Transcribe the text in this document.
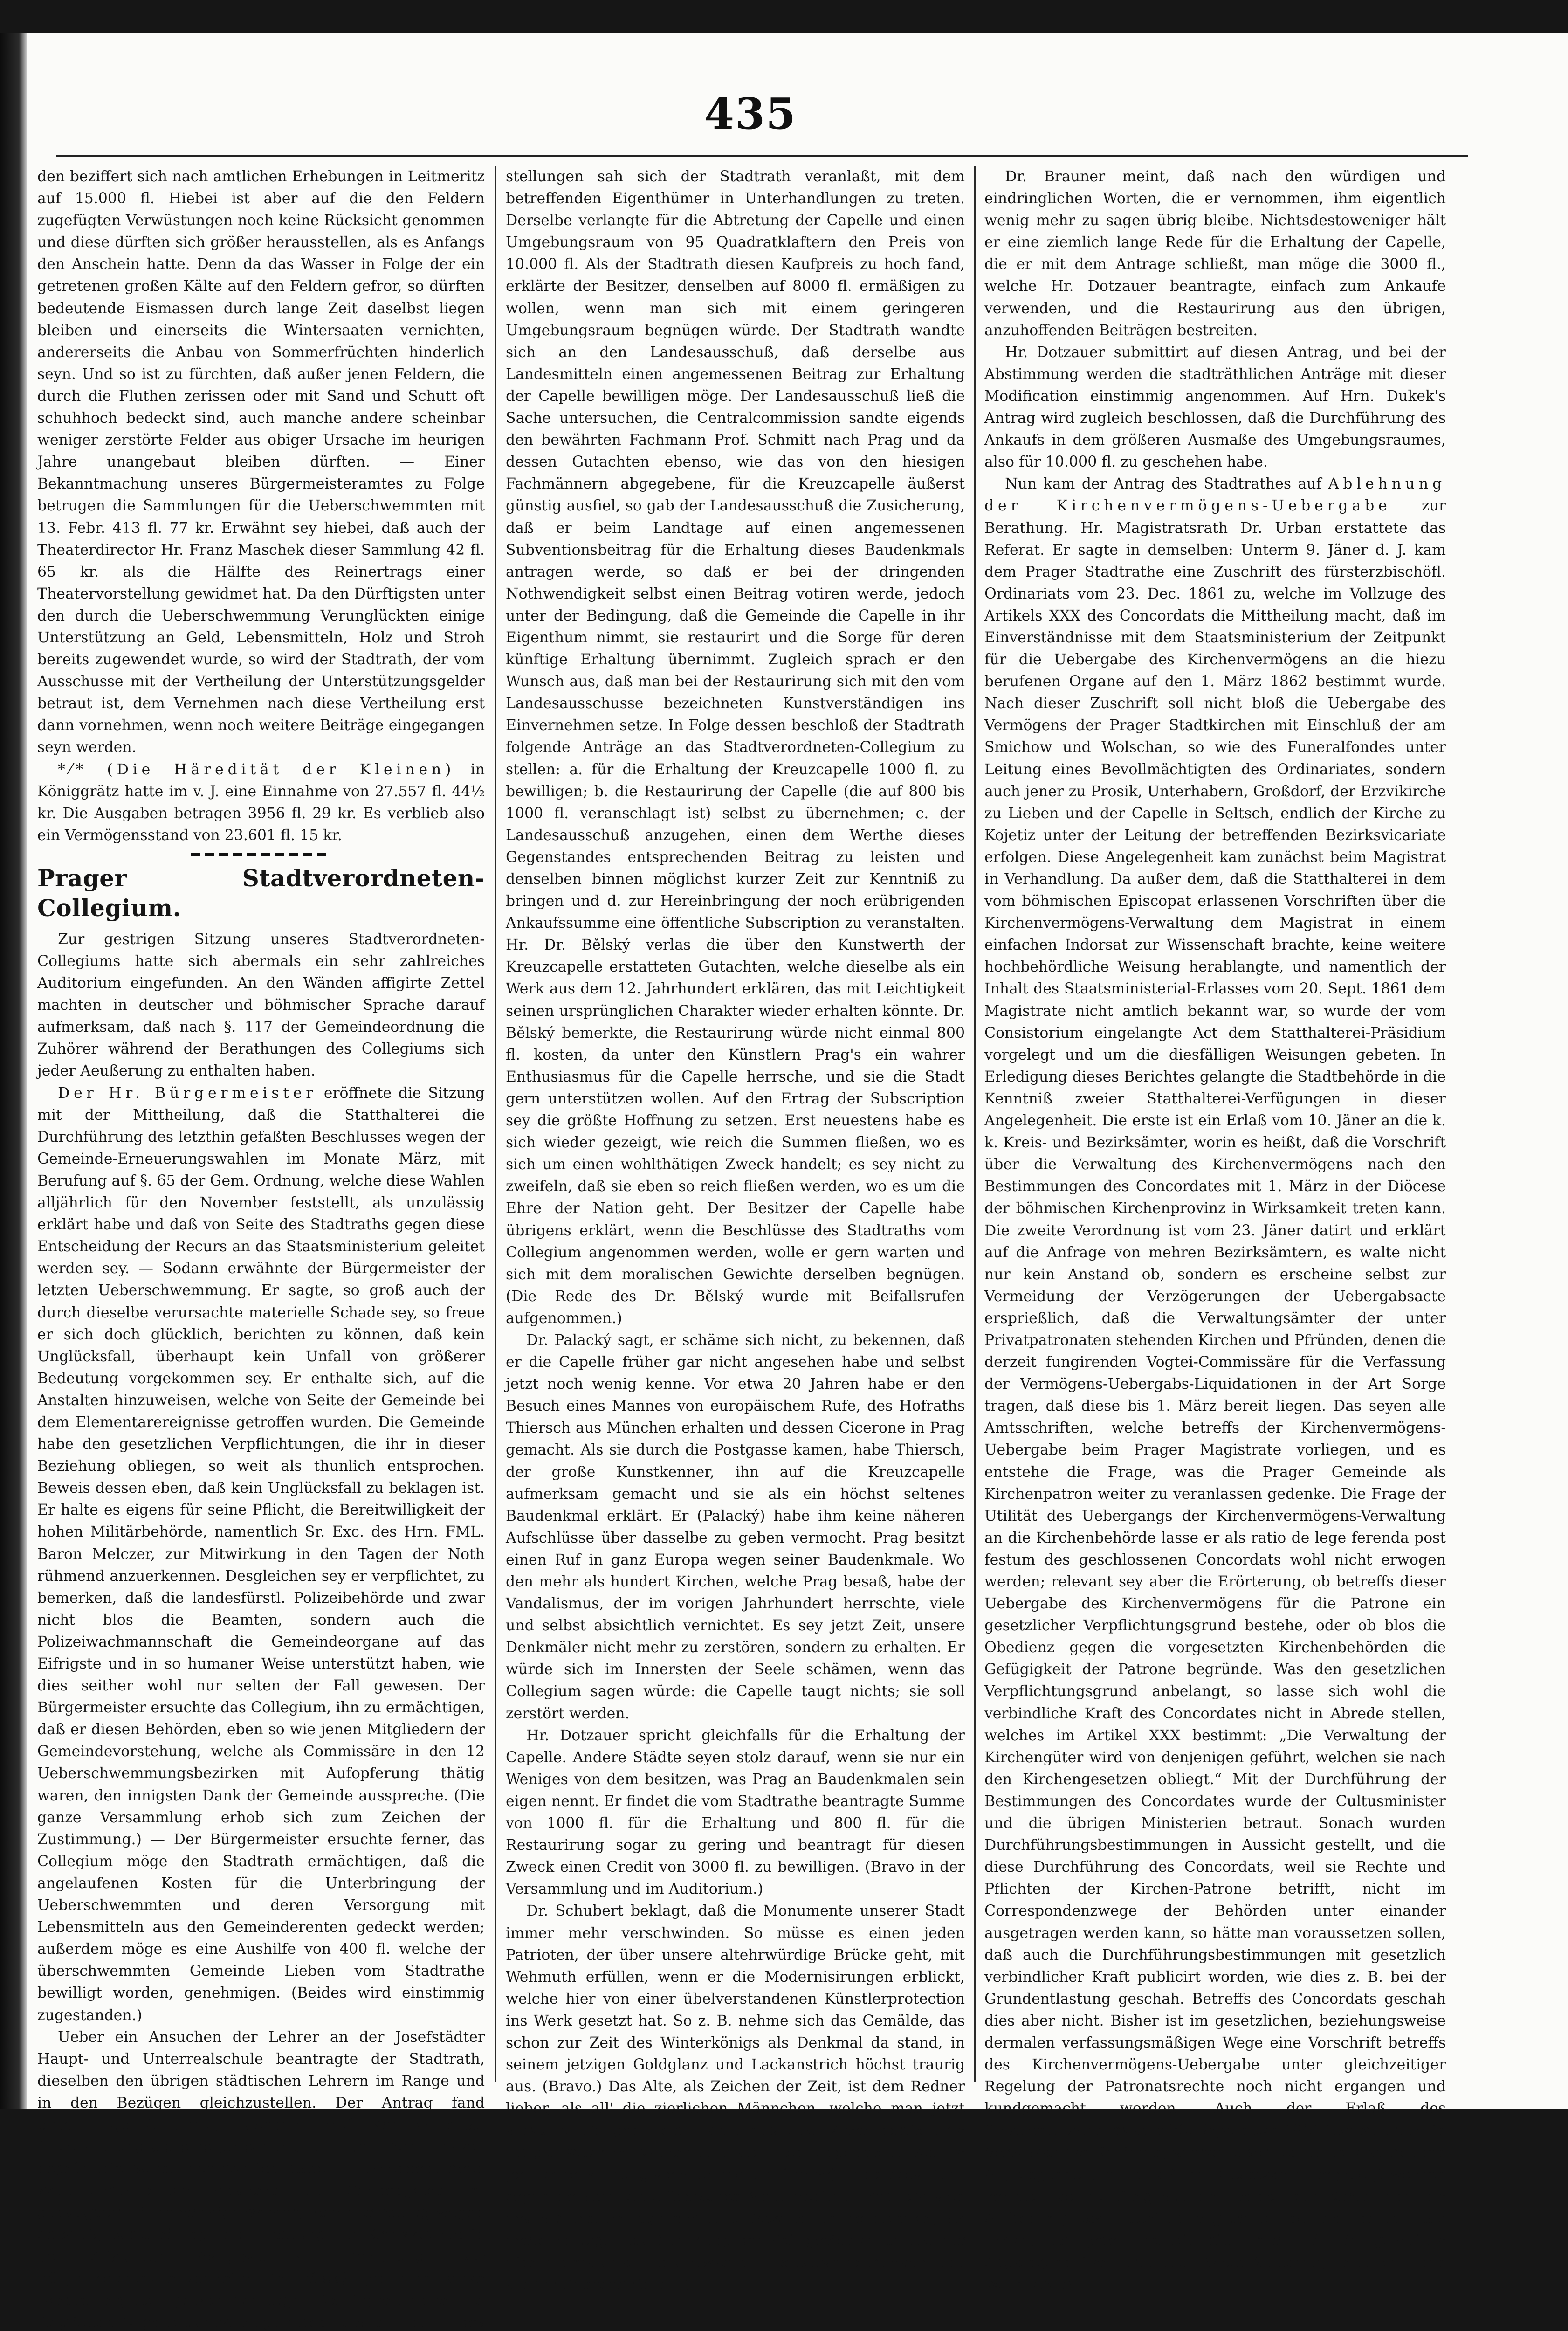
435

den beziffert sich nach amtlichen Erhebungen in Leitmeritz auf 15.000 fl. Hiebei ist aber auf die den Feldern zugefügten Verwüstungen noch keine Rücksicht genommen und diese dürften sich größer herausstellen, als es Anfangs den Anschein hatte. Denn da das Wasser in Folge der ein getretenen großen Kälte auf den Feldern gefror, so dürften bedeutende Eismassen durch lange Zeit daselbst liegen bleiben und einerseits die Wintersaaten vernichten, andererseits die Anbau von Sommerfrüchten hinderlich seyn. Und so ist zu fürchten, daß außer jenen Feldern, die durch die Fluthen zerissen oder mit Sand und Schutt oft schuhhoch bedeckt sind, auch manche andere scheinbar weniger zerstörte Felder aus obiger Ursache im heurigen Jahre unangebaut bleiben dürften. — Einer Bekanntmachung unseres Bürgermeisteramtes zu Folge betrugen die Sammlungen für die Ueberschwemmten mit 13. Febr. 413 fl. 77 kr. Erwähnt sey hiebei, daß auch der Theaterdirector Hr. Franz Maschek dieser Sammlung 42 fl. 65 kr. als die Hälfte des Reinertrags einer Theatervorstellung gewidmet hat. Da den Dürftigsten unter den durch die Ueberschwemmung Verunglückten einige Unterstützung an Geld, Lebensmitteln, Holz und Stroh bereits zugewendet wurde, so wird der Stadtrath, der vom Ausschusse mit der Vertheilung der Unterstützungsgelder betraut ist, dem Vernehmen nach diese Vertheilung erst dann vornehmen, wenn noch weitere Beiträge eingegangen seyn werden.

*⁄* (Die Häredität der Kleinen) in Königgrätz hatte im v. J. eine Einnahme von 27.557 fl. 44½ kr. Die Ausgaben betragen 3956 fl. 29 kr. Es verblieb also ein Vermögensstand von 23.601 fl. 15 kr.

Prager Stadtverordneten-Collegium.

Zur gestrigen Sitzung unseres Stadtverordneten-Collegiums hatte sich abermals ein sehr zahlreiches Auditorium eingefunden. An den Wänden affigirte Zettel machten in deutscher und böhmischer Sprache darauf aufmerksam, daß nach §. 117 der Gemeindeordnung die Zuhörer während der Berathungen des Collegiums sich jeder Aeußerung zu enthalten haben.

Der Hr. Bürgermeister eröffnete die Sitzung mit der Mittheilung, daß die Statthalterei die Durchführung des letzthin gefaßten Beschlusses wegen der Gemeinde-Erneuerungswahlen im Monate März, mit Berufung auf §. 65 der Gem. Ordnung, welche diese Wahlen alljährlich für den November feststellt, als unzulässig erklärt habe und daß von Seite des Stadtraths gegen diese Entscheidung der Recurs an das Staatsministerium geleitet werden sey. — Sodann erwähnte der Bürgermeister der letzten Ueberschwemmung. Er sagte, so groß auch der durch dieselbe verursachte materielle Schade sey, so freue er sich doch glücklich, berichten zu können, daß kein Unglücksfall, überhaupt kein Unfall von größerer Bedeutung vorgekommen sey. Er enthalte sich, auf die Anstalten hinzuweisen, welche von Seite der Gemeinde bei dem Elementarereignisse getroffen wurden. Die Gemeinde habe den gesetzlichen Verpflichtungen, die ihr in dieser Beziehung obliegen, so weit als thunlich entsprochen. Beweis dessen eben, daß kein Unglücksfall zu beklagen ist. Er halte es eigens für seine Pflicht, die Bereitwilligkeit der hohen Militärbehörde, namentlich Sr. Exc. des Hrn. FML. Baron Melczer, zur Mitwirkung in den Tagen der Noth rühmend anzuerkennen. Desgleichen sey er verpflichtet, zu bemerken, daß die landesfürstl. Polizeibehörde und zwar nicht blos die Beamten, sondern auch die Polizeiwachmannschaft die Gemeindeorgane auf das Eifrigste und in so humaner Weise unterstützt haben, wie dies seither wohl nur selten der Fall gewesen. Der Bürgermeister ersuchte das Collegium, ihn zu ermächtigen, daß er diesen Behörden, eben so wie jenen Mitgliedern der Gemeindevorstehung, welche als Commissäre in den 12 Ueberschwemmungsbezirken mit Aufopferung thätig waren, den innigsten Dank der Gemeinde ausspreche. (Die ganze Versammlung erhob sich zum Zeichen der Zustimmung.) — Der Bürgermeister ersuchte ferner, das Collegium möge den Stadtrath ermächtigen, daß die angelaufenen Kosten für die Unterbringung der Ueberschwemmten und deren Versorgung mit Lebensmitteln aus den Gemeinderenten gedeckt werden; außerdem möge es eine Aushilfe von 400 fl. welche der überschwemmten Gemeinde Lieben vom Stadtrathe bewilligt worden, genehmigen. (Beides wird einstimmig zugestanden.)

Ueber ein Ansuchen der Lehrer an der Josefstädter Haupt- und Unterrealschule beantragte der Stadtrath, dieselben den übrigen städtischen Lehrern im Range und in den Bezügen gleichzustellen. Der Antrag fand einstimmige Annahme, nachdem Prof. Korinka diese Gleichstellung als eine gerechte und in den Verhältnissen begründete warm befürwortet hatte. — Nachdem noch zwei Gesuche um Pensionen und Gnadengaben im günstigsten Sinne erledigt worden, kam der Antrag wegen Ankaufs, Restaurirung und Erhaltung der Kreuzkapelle in der Altstädter Postgasse zur Berathung. Der Bürgermeister-Stellvertreter Dr. Bělský gab eine kurze Darstellung der ganzen Sachlage. Der Eigenthümer der fraglichen Capelle beabsichtigt einen totalen Umbau des

stellungen sah sich der Stadtrath veranlaßt, mit dem betreffenden Eigenthümer in Unterhandlungen zu treten. Derselbe verlangte für die Abtretung der Capelle und einen Umgebungsraum von 95 Quadratklaftern den Preis von 10.000 fl. Als der Stadtrath diesen Kaufpreis zu hoch fand, erklärte der Besitzer, denselben auf 8000 fl. ermäßigen zu wollen, wenn man sich mit einem geringeren Umgebungsraum begnügen würde. Der Stadtrath wandte sich an den Landesausschuß, daß derselbe aus Landesmitteln einen angemessenen Beitrag zur Erhaltung der Capelle bewilligen möge. Der Landesausschuß ließ die Sache untersuchen, die Centralcommission sandte eigends den bewährten Fachmann Prof. Schmitt nach Prag und da dessen Gutachten ebenso, wie das von den hiesigen Fachmännern abgegebene, für die Kreuzcapelle äußerst günstig ausfiel, so gab der Landesausschuß die Zusicherung, daß er beim Landtage auf einen angemessenen Subventionsbeitrag für die Erhaltung dieses Baudenkmals antragen werde, so daß er bei der dringenden Nothwendigkeit selbst einen Beitrag votiren werde, jedoch unter der Bedingung, daß die Gemeinde die Capelle in ihr Eigenthum nimmt, sie restaurirt und die Sorge für deren künftige Erhaltung übernimmt. Zugleich sprach er den Wunsch aus, daß man bei der Restaurirung sich mit den vom Landesausschusse bezeichneten Kunstverständigen ins Einvernehmen setze. In Folge dessen beschloß der Stadtrath folgende Anträge an das Stadtverordneten-Collegium zu stellen: a. für die Erhaltung der Kreuzcapelle 1000 fl. zu bewilligen; b. die Restaurirung der Capelle (die auf 800 bis 1000 fl. veranschlagt ist) selbst zu übernehmen; c. der Landesausschuß anzugehen, einen dem Werthe dieses Gegenstandes entsprechenden Beitrag zu leisten und denselben binnen möglichst kurzer Zeit zur Kenntniß zu bringen und d. zur Hereinbringung der noch erübrigenden Ankaufssumme eine öffentliche Subscription zu veranstalten. Hr. Dr. Bělský verlas die über den Kunstwerth der Kreuzcapelle erstatteten Gutachten, welche dieselbe als ein Werk aus dem 12. Jahrhundert erklären, das mit Leichtigkeit seinen ursprünglichen Charakter wieder erhalten könnte. Dr. Bělský bemerkte, die Restaurirung würde nicht einmal 800 fl. kosten, da unter den Künstlern Prag's ein wahrer Enthusiasmus für die Capelle herrsche, und sie die Stadt gern unterstützen wollen. Auf den Ertrag der Subscription sey die größte Hoffnung zu setzen. Erst neuestens habe es sich wieder gezeigt, wie reich die Summen fließen, wo es sich um einen wohlthätigen Zweck handelt; es sey nicht zu zweifeln, daß sie eben so reich fließen werden, wo es um die Ehre der Nation geht. Der Besitzer der Capelle habe übrigens erklärt, wenn die Beschlüsse des Stadtraths vom Collegium angenommen werden, wolle er gern warten und sich mit dem moralischen Gewichte derselben begnügen. (Die Rede des Dr. Bělský wurde mit Beifallsrufen aufgenommen.)

Dr. Palacký sagt, er schäme sich nicht, zu bekennen, daß er die Capelle früher gar nicht angesehen habe und selbst jetzt noch wenig kenne. Vor etwa 20 Jahren habe er den Besuch eines Mannes von europäischem Rufe, des Hofraths Thiersch aus München erhalten und dessen Cicerone in Prag gemacht. Als sie durch die Postgasse kamen, habe Thiersch, der große Kunstkenner, ihn auf die Kreuzcapelle aufmerksam gemacht und sie als ein höchst seltenes Baudenkmal erklärt. Er (Palacký) habe ihm keine näheren Aufschlüsse über dasselbe zu geben vermocht. Prag besitzt einen Ruf in ganz Europa wegen seiner Baudenkmale. Wo den mehr als hundert Kirchen, welche Prag besaß, habe der Vandalismus, der im vorigen Jahrhundert herrschte, viele und selbst absichtlich vernichtet. Es sey jetzt Zeit, unsere Denkmäler nicht mehr zu zerstören, sondern zu erhalten. Er würde sich im Innersten der Seele schämen, wenn das Collegium sagen würde: die Capelle taugt nichts; sie soll zerstört werden.

Hr. Dotzauer spricht gleichfalls für die Erhaltung der Capelle. Andere Städte seyen stolz darauf, wenn sie nur ein Weniges von dem besitzen, was Prag an Baudenkmalen sein eigen nennt. Er findet die vom Stadtrathe beantragte Summe von 1000 fl. für die Erhaltung und 800 fl. für die Restaurirung sogar zu gering und beantragt für diesen Zweck einen Credit von 3000 fl. zu bewilligen. (Bravo in der Versammlung und im Auditorium.)

Dr. Schubert beklagt, daß die Monumente unserer Stadt immer mehr verschwinden. So müsse es einen jeden Patrioten, der über unsere altehrwürdige Brücke geht, mit Wehmuth erfüllen, wenn er die Modernisirungen erblickt, welche hier von einer übelverstandenen Künstlerprotection ins Werk gesetzt hat. So z. B. nehme sich das Gemälde, das schon zur Zeit des Winterkönigs als Denkmal da stand, in seinem jetzigen Goldglanz und Lackanstrich höchst traurig aus. (Bravo.) Das Alte, als Zeichen der Zeit, ist dem Redner lieber, als all' die zierlichen Männchen, welche man jetzt aufstellt. Es gebe ein Band, das alle Vaterlandsfreunde einigt, welcher Nationalität sie auch angehören, welche politische Meinung sie auch theilen, (Bravo) und dieses Band seyen die alten vaterländischen Monumente. Er schließe sich deshalb dem Antrage des Hrn. Dotzauer um so mehr an, als derselbe gegen die Strömung der Zeit gerichtet ist, die nur Sinn für materielle Interessen hat. Beifallsrufe im Saale und auf der Zuhörertribune.)

Dr. Brauner meint, daß nach den würdigen und eindringlichen Worten, die er vernommen, ihm eigentlich wenig mehr zu sagen übrig bleibe. Nichtsdestoweniger hält er eine ziemlich lange Rede für die Erhaltung der Capelle, die er mit dem Antrage schließt, man möge die 3000 fl., welche Hr. Dotzauer beantragte, einfach zum Ankaufe verwenden, und die Restaurirung aus den übrigen, anzuhoffenden Beiträgen bestreiten.

Hr. Dotzauer submittirt auf diesen Antrag, und bei der Abstimmung werden die stadträthlichen Anträge mit dieser Modification einstimmig angenommen. Auf Hrn. Dukek's Antrag wird zugleich beschlossen, daß die Durchführung des Ankaufs in dem größeren Ausmaße des Umgebungsraumes, also für 10.000 fl. zu geschehen habe.

Nun kam der Antrag des Stadtrathes auf Ablehnung der Kirchenvermögens-Uebergabe zur Berathung. Hr. Magistratsrath Dr. Urban erstattete das Referat. Er sagte in demselben: Unterm 9. Jäner d. J. kam dem Prager Stadtrathe eine Zuschrift des fürsterzbischöfl. Ordinariats vom 23. Dec. 1861 zu, welche im Vollzuge des Artikels XXX des Concordats die Mittheilung macht, daß im Einverständnisse mit dem Staatsministerium der Zeitpunkt für die Uebergabe des Kirchenvermögens an die hiezu berufenen Organe auf den 1. März 1862 bestimmt wurde. Nach dieser Zuschrift soll nicht bloß die Uebergabe des Vermögens der Prager Stadtkirchen mit Einschluß der am Smichow und Wolschan, so wie des Funeralfondes unter Leitung eines Bevollmächtigten des Ordinariates, sondern auch jener zu Prosik, Unterhabern, Großdorf, der Erzvikirche zu Lieben und der Capelle in Seltsch, endlich der Kirche zu Kojetiz unter der Leitung der betreffenden Bezirksvicariate erfolgen. Diese Angelegenheit kam zunächst beim Magistrat in Verhandlung. Da außer dem, daß die Statthalterei in dem vom böhmischen Episcopat erlassenen Vorschriften über die Kirchenvermögens-Verwaltung dem Magistrat in einem einfachen Indorsat zur Wissenschaft brachte, keine weitere hochbehördliche Weisung herablangte, und namentlich der Inhalt des Staatsministerial-Erlasses vom 20. Sept. 1861 dem Magistrate nicht amtlich bekannt war, so wurde der vom Consistorium eingelangte Act dem Statthalterei-Präsidium vorgelegt und um die diesfälligen Weisungen gebeten. In Erledigung dieses Berichtes gelangte die Stadtbehörde in die Kenntniß zweier Statthalterei-Verfügungen in dieser Angelegenheit. Die erste ist ein Erlaß vom 10. Jäner an die k. k. Kreis- und Bezirksämter, worin es heißt, daß die Vorschrift über die Verwaltung des Kirchenvermögens nach den Bestimmungen des Concordates mit 1. März in der Diöcese der böhmischen Kirchenprovinz in Wirksamkeit treten kann. Die zweite Verordnung ist vom 23. Jäner datirt und erklärt auf die Anfrage von mehren Bezirksämtern, es walte nicht nur kein Anstand ob, sondern es erscheine selbst zur Vermeidung der Verzögerungen der Uebergabsacte ersprießlich, daß die Verwaltungsämter der unter Privatpatronaten stehenden Kirchen und Pfründen, denen die derzeit fungirenden Vogtei-Commissäre für die Verfassung der Vermögens-Uebergabs-Liquidationen in der Art Sorge tragen, daß diese bis 1. März bereit liegen. Das seyen alle Amtsschriften, welche betreffs der Kirchenvermögens-Uebergabe beim Prager Magistrate vorliegen, und es entstehe die Frage, was die Prager Gemeinde als Kirchenpatron weiter zu veranlassen gedenke. Die Frage der Utilität des Uebergangs der Kirchenvermögens-Verwaltung an die Kirchenbehörde lasse er als ratio de lege ferenda post festum des geschlossenen Concordats wohl nicht erwogen werden; relevant sey aber die Erörterung, ob betreffs dieser Uebergabe des Kirchenvermögens für die Patrone ein gesetzlicher Verpflichtungsgrund bestehe, oder ob blos die Obedienz gegen die vorgesetzten Kirchenbehörden die Gefügigkeit der Patrone begründe. Was den gesetzlichen Verpflichtungsgrund anbelangt, so lasse sich wohl die verbindliche Kraft des Concordates nicht in Abrede stellen, welches im Artikel XXX bestimmt: „Die Verwaltung der Kirchengüter wird von denjenigen geführt, welchen sie nach den Kirchengesetzen obliegt.“ Mit der Durchführung der Bestimmungen des Concordates wurde der Cultusminister und die übrigen Ministerien betraut. Sonach wurden Durchführungsbestimmungen in Aussicht gestellt, und die diese Durchführung des Concordats, weil sie Rechte und Pflichten der Kirchen-Patrone betrifft, nicht im Correspondenzwege der Behörden unter einander ausgetragen werden kann, so hätte man voraussetzen sollen, daß auch die Durchführungsbestimmungen mit gesetzlich verbindlicher Kraft publicirt worden, wie dies z. B. bei der Grundentlastung geschah. Betreffs des Concordats geschah dies aber nicht. Bisher ist im gesetzlichen, beziehungsweise dermalen verfassungsmäßigen Wege eine Vorschrift betreffs des Kirchenvermögens-Uebergabe unter gleichzeitiger Regelung der Patronatsrechte noch nicht ergangen und kundgemacht worden. Auch der Erlaß des Staatsministeriums vom 20. September 1861 involvirt nur ein Vorwissen der Regierungsbehörde von der in Rede stehenden Angelegenheit, ohne daß ihm Gesetzkraft beigelegt werden könnte. Die Berufung auf die Freiheit der Kirche und die Aufhebung des Placetum regium könne hier nicht Platz finden, da jene Freiheit sich nur auf die geistliche Angelegenheiten und die Placet-Aufhebung nur auf den Wechselver-
